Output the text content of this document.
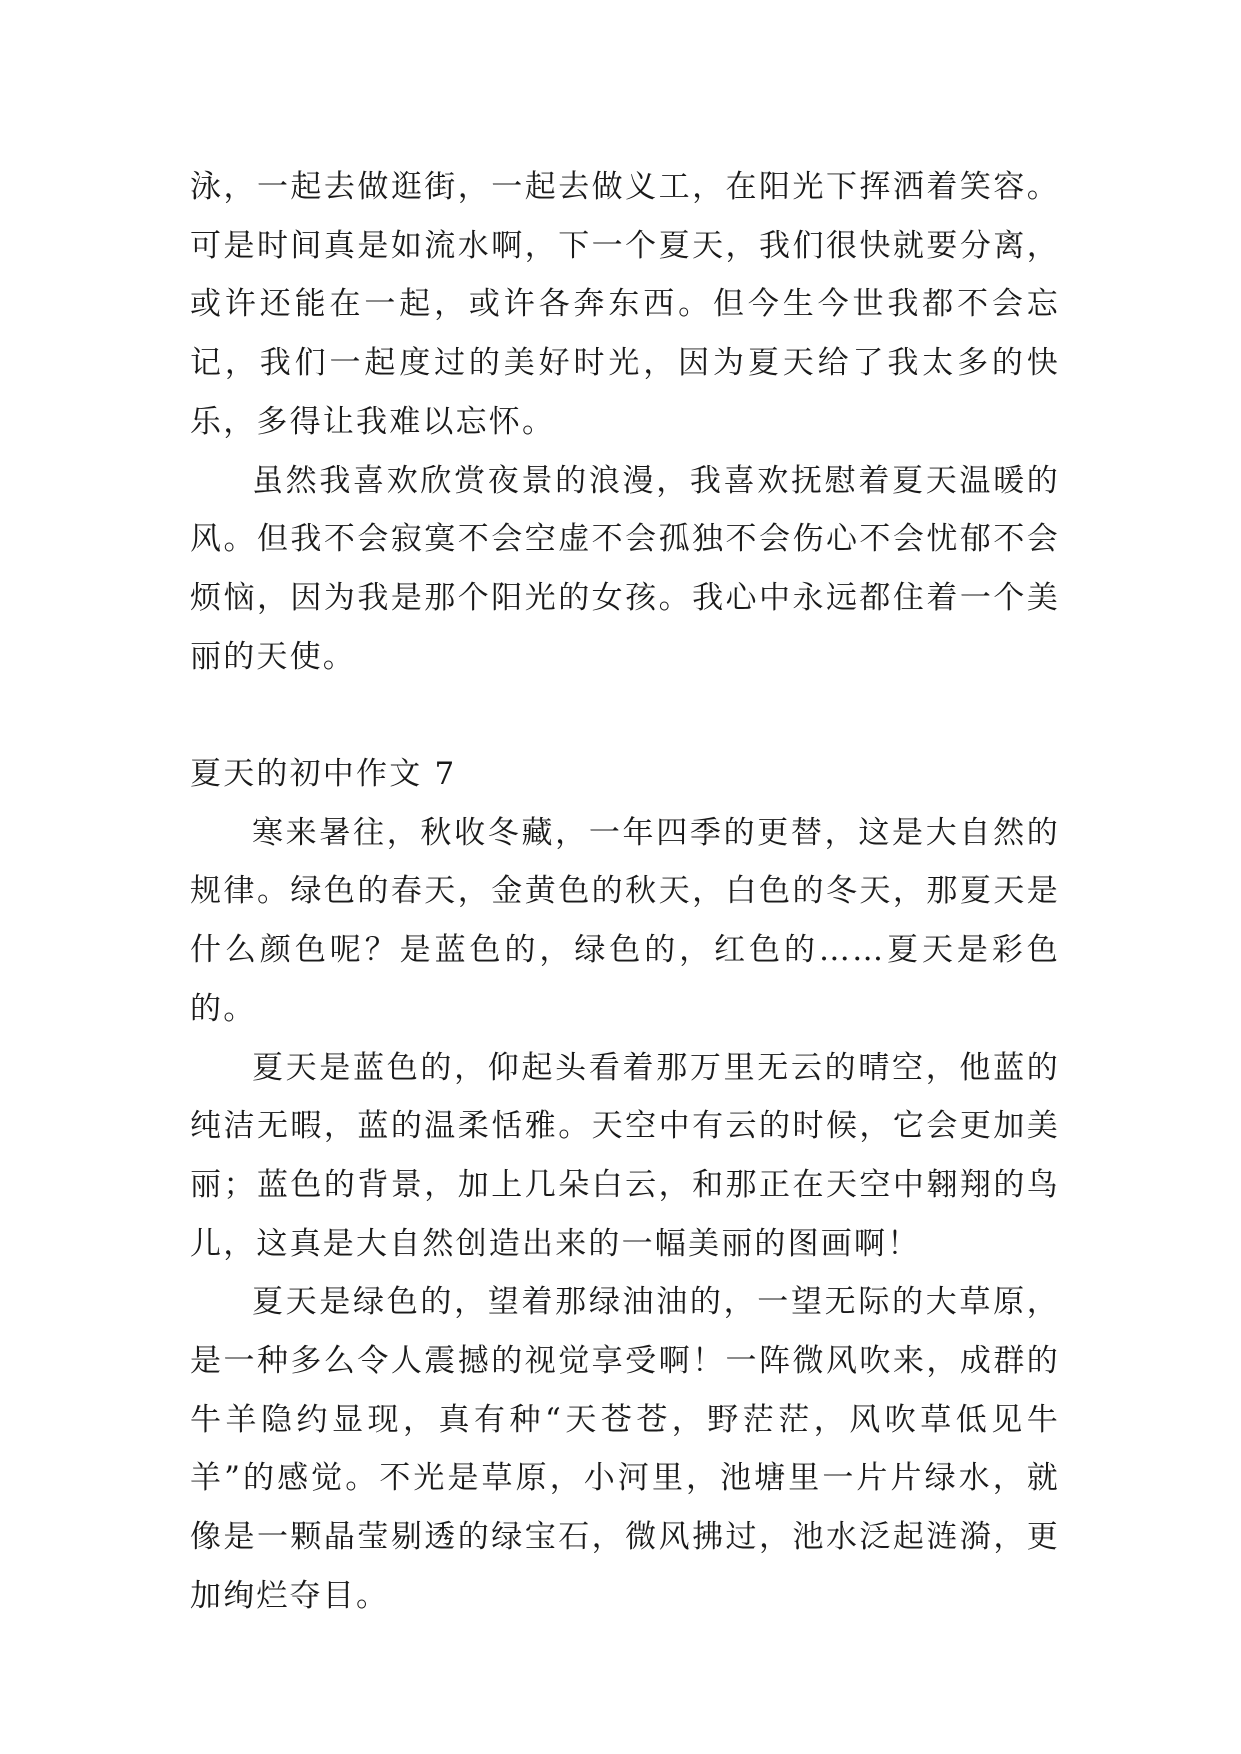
泳，一起去做逛街，一起去做义工，在阳光下挥洒着笑容。可是时间真是如流水啊，下一个夏天，我们很快就要分离，或许还能在一起，或许各奔东西。但今生今世我都不会忘记，我们一起度过的美好时光，因为夏天给了我太多的快乐，多得让我难以忘怀。

虽然我喜欢欣赏夜景的浪漫，我喜欢抚慰着夏天温暖的风。但我不会寂寞不会空虚不会孤独不会伤心不会忧郁不会烦恼，因为我是那个阳光的女孩。我心中永远都住着一个美丽的天使。

夏天的初中作文 7

寒来暑往，秋收冬藏，一年四季的更替，这是大自然的规律。绿色的春天，金黄色的秋天，白色的冬天，那夏天是什么颜色呢？是蓝色的，绿色的，红色的……夏天是彩色的。

夏天是蓝色的，仰起头看着那万里无云的晴空，他蓝的纯洁无暇，蓝的温柔恬雅。天空中有云的时候，它会更加美丽；蓝色的背景，加上几朵白云，和那正在天空中翱翔的鸟儿，这真是大自然创造出来的一幅美丽的图画啊！

夏天是绿色的，望着那绿油油的，一望无际的大草原，是一种多么令人震撼的视觉享受啊！一阵微风吹来，成群的牛羊隐约显现，真有种“天苍苍，野茫茫，风吹草低见牛羊”的感觉。不光是草原，小河里，池塘里一片片绿水，就像是一颗晶莹剔透的绿宝石，微风拂过，池水泛起涟漪，更加绚烂夺目。
